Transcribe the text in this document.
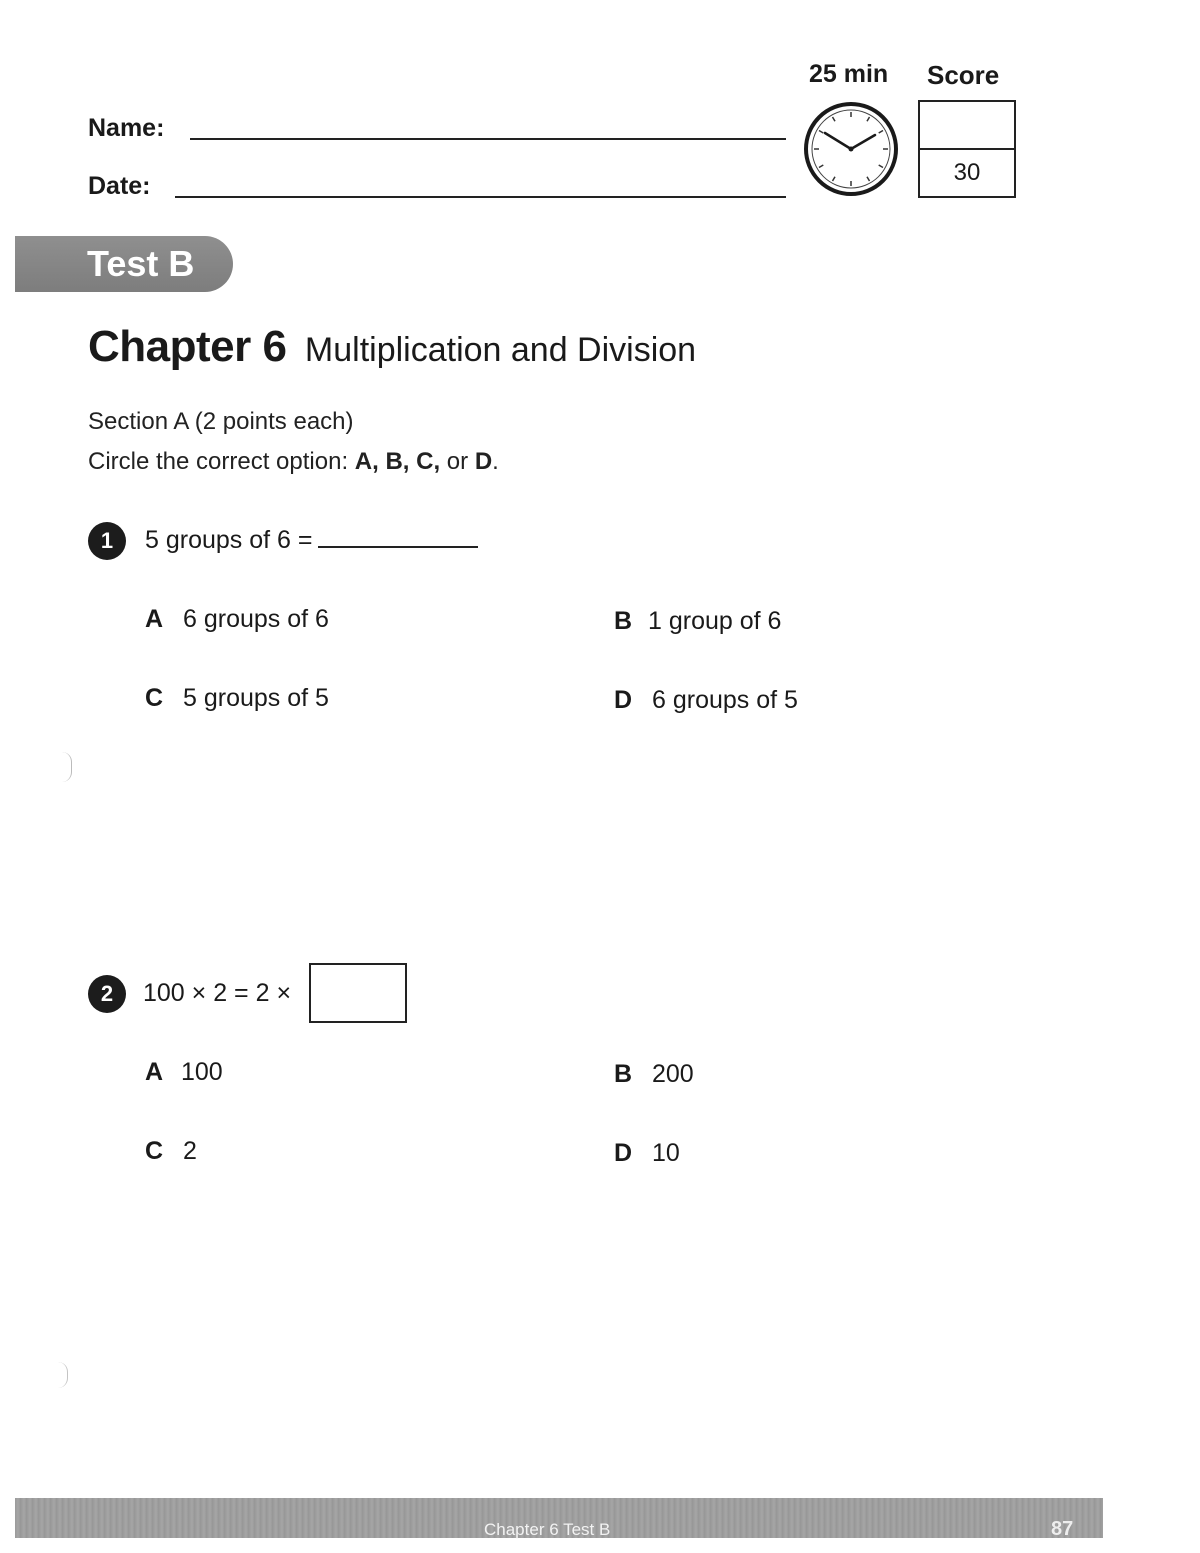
Name:
Date:
25 min Score
30
Test B
Chapter 6 Multiplication and Division
Section A (2 points each)
Circle the correct option: A, B, C, or D.
1 5 groups of 6 =
A 6 groups of 6	B 1 group of 6
C 5 groups of 5	D 6 groups of 5
2 100 × 2 = 2 ×
A 100	B 200
C 2	D 10
Chapter 6 Test B	87
